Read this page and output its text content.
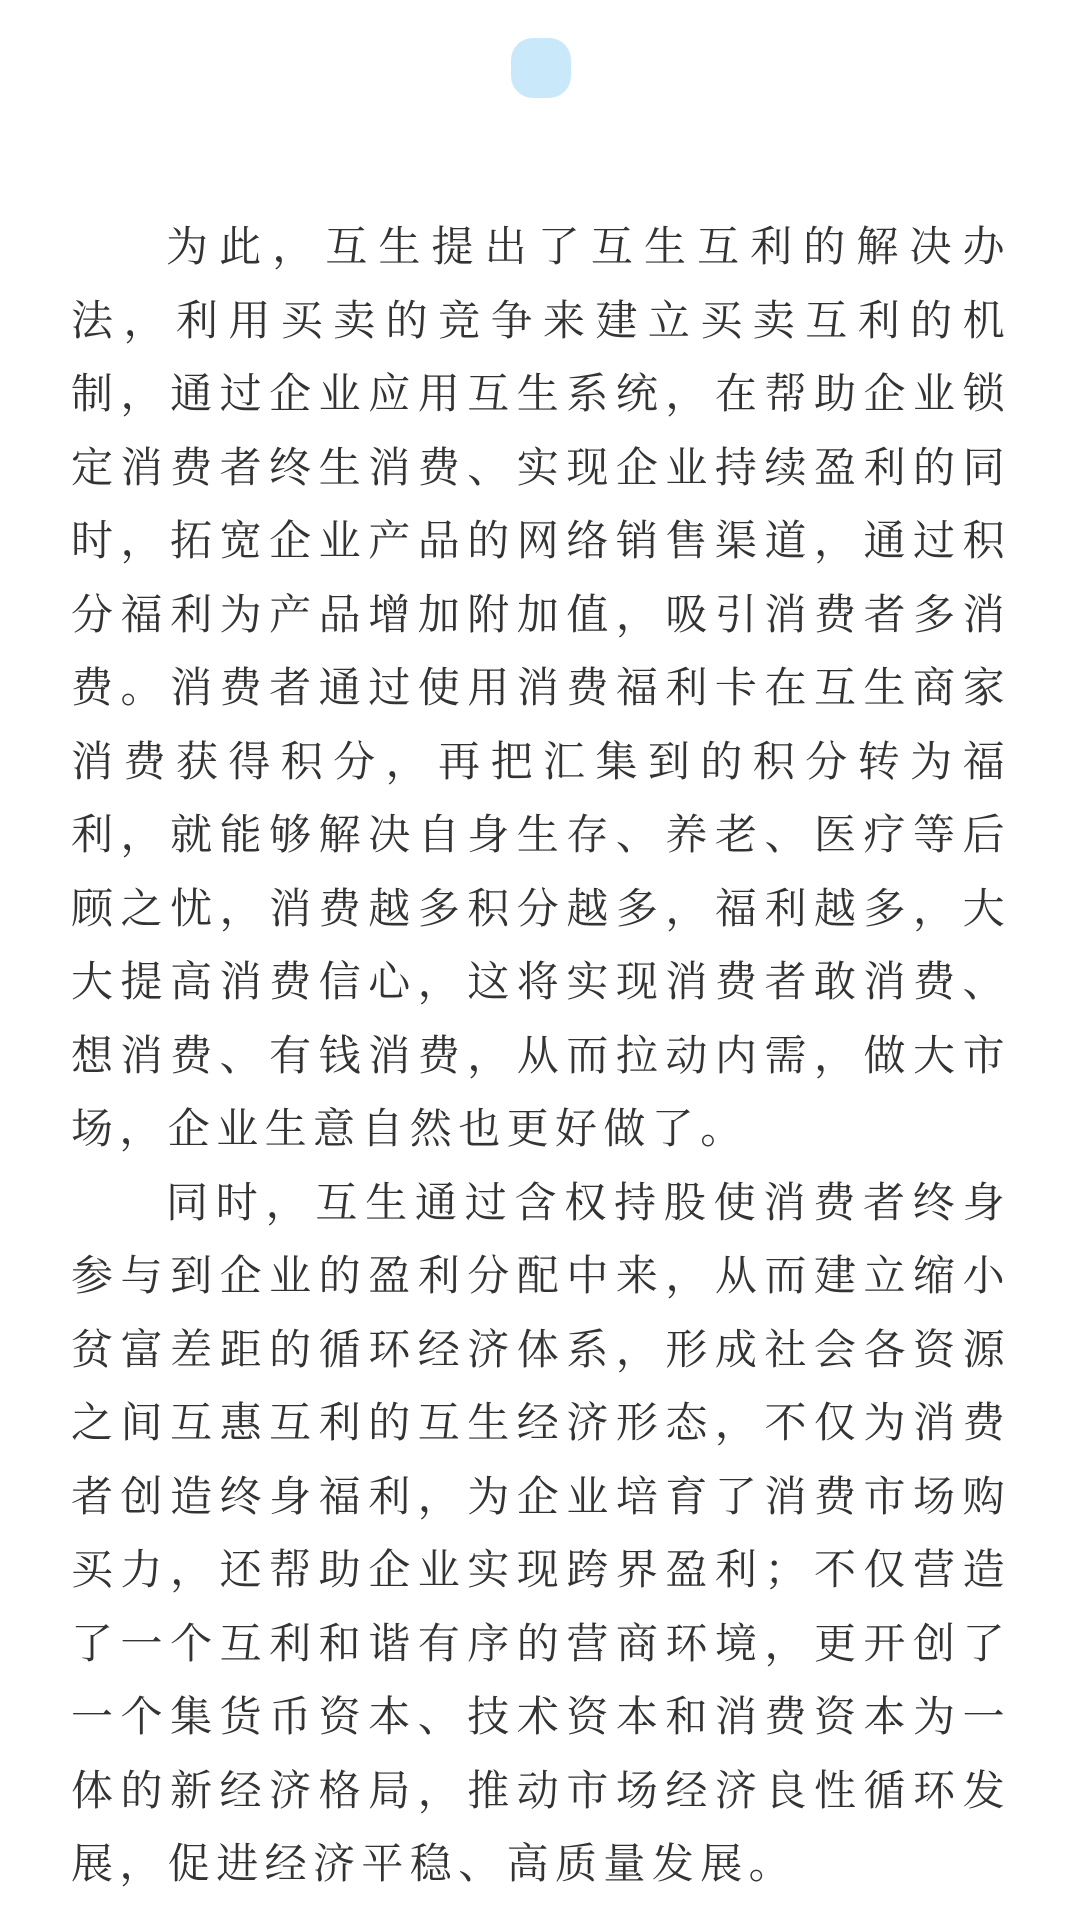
为此，互生提出了互生互利的解决办法，利用买卖的竞争来建立买卖互利的机制，通过企业应用互生系统，在帮助企业锁定消费者终生消费、实现企业持续盈利的同时，拓宽企业产品的网络销售渠道，通过积分福利为产品增加附加值，吸引消费者多消费。消费者通过使用消费福利卡在互生商家消费获得积分，再把汇集到的积分转为福利，就能够解决自身生存、养老、医疗等后顾之忧，消费越多积分越多，福利越多，大大提高消费信心，这将实现消费者敢消费、想消费、有钱消费，从而拉动内需，做大市场，企业生意自然也更好做了。

同时，互生通过含权持股使消费者终身参与到企业的盈利分配中来，从而建立缩小贫富差距的循环经济体系，形成社会各资源之间互惠互利的互生经济形态，不仅为消费者创造终身福利，为企业培育了消费市场购买力，还帮助企业实现跨界盈利；不仅营造了一个互利和谐有序的营商环境，更开创了一个集货币资本、技术资本和消费资本为一体的新经济格局，推动市场经济良性循环发展，促进经济平稳、高质量发展。
